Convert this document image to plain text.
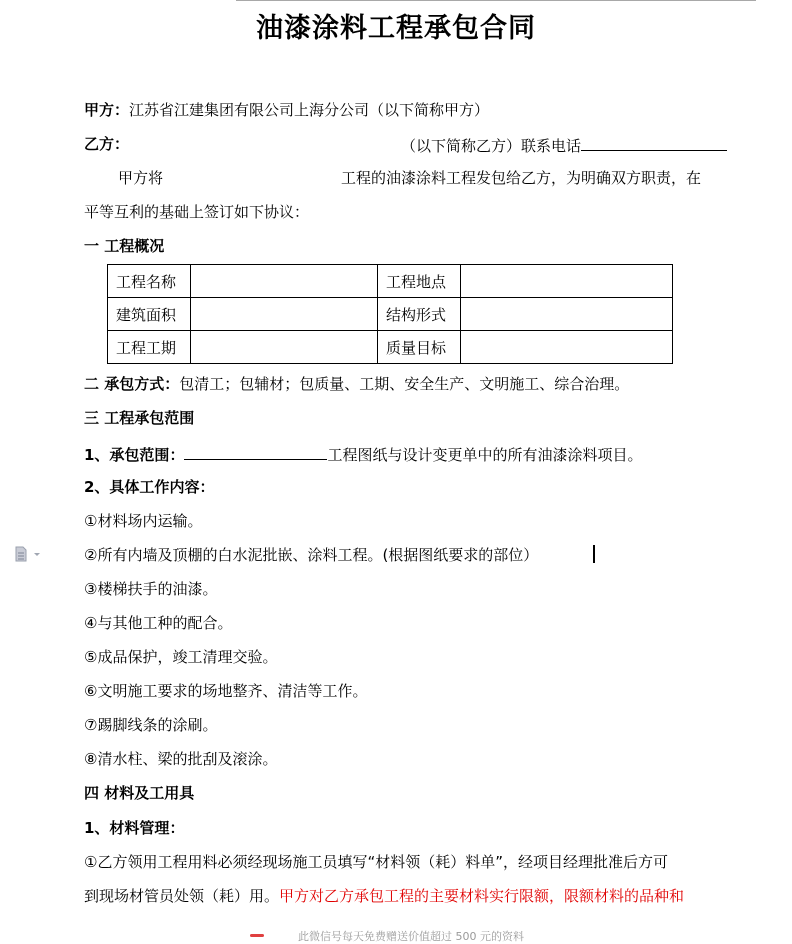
油漆涂料工程承包合同
甲方：江苏省江建集团有限公司上海分公司（以下简称甲方）
乙方：	（以下简称乙方）联系电话
甲方将	工程的油漆涂料工程发包给乙方，为明确双方职责，在
平等互利的基础上签订如下协议：
一 工程概况
工程名称		工程地点	
建筑面积		结构形式	
工程工期		质量目标	
二 承包方式：包清工；包辅材；包质量、工期、安全生产、文明施工、综合治理。
三 工程承包范围
1、承包范围：	工程图纸与设计变更单中的所有油漆涂料项目。
2、具体工作内容：
①材料场内运输。
②所有内墙及顶棚的白水泥批嵌、涂料工程。(根据图纸要求的部位）
③楼梯扶手的油漆。
④与其他工种的配合。
⑤成品保护，竣工清理交验。
⑥文明施工要求的场地整齐、清洁等工作。
⑦踢脚线条的涂刷。
⑧清水柱、梁的批刮及滚涂。
四 材料及工用具
1、材料管理：
①乙方领用工程用料必须经现场施工员填写“材料领（耗）料单”，经项目经理批准后方可
到现场材管员处领（耗）用。甲方对乙方承包工程的主要材料实行限额，限额材料的品种和
此微信号每天免费赠送价值超过 500 元的资料
